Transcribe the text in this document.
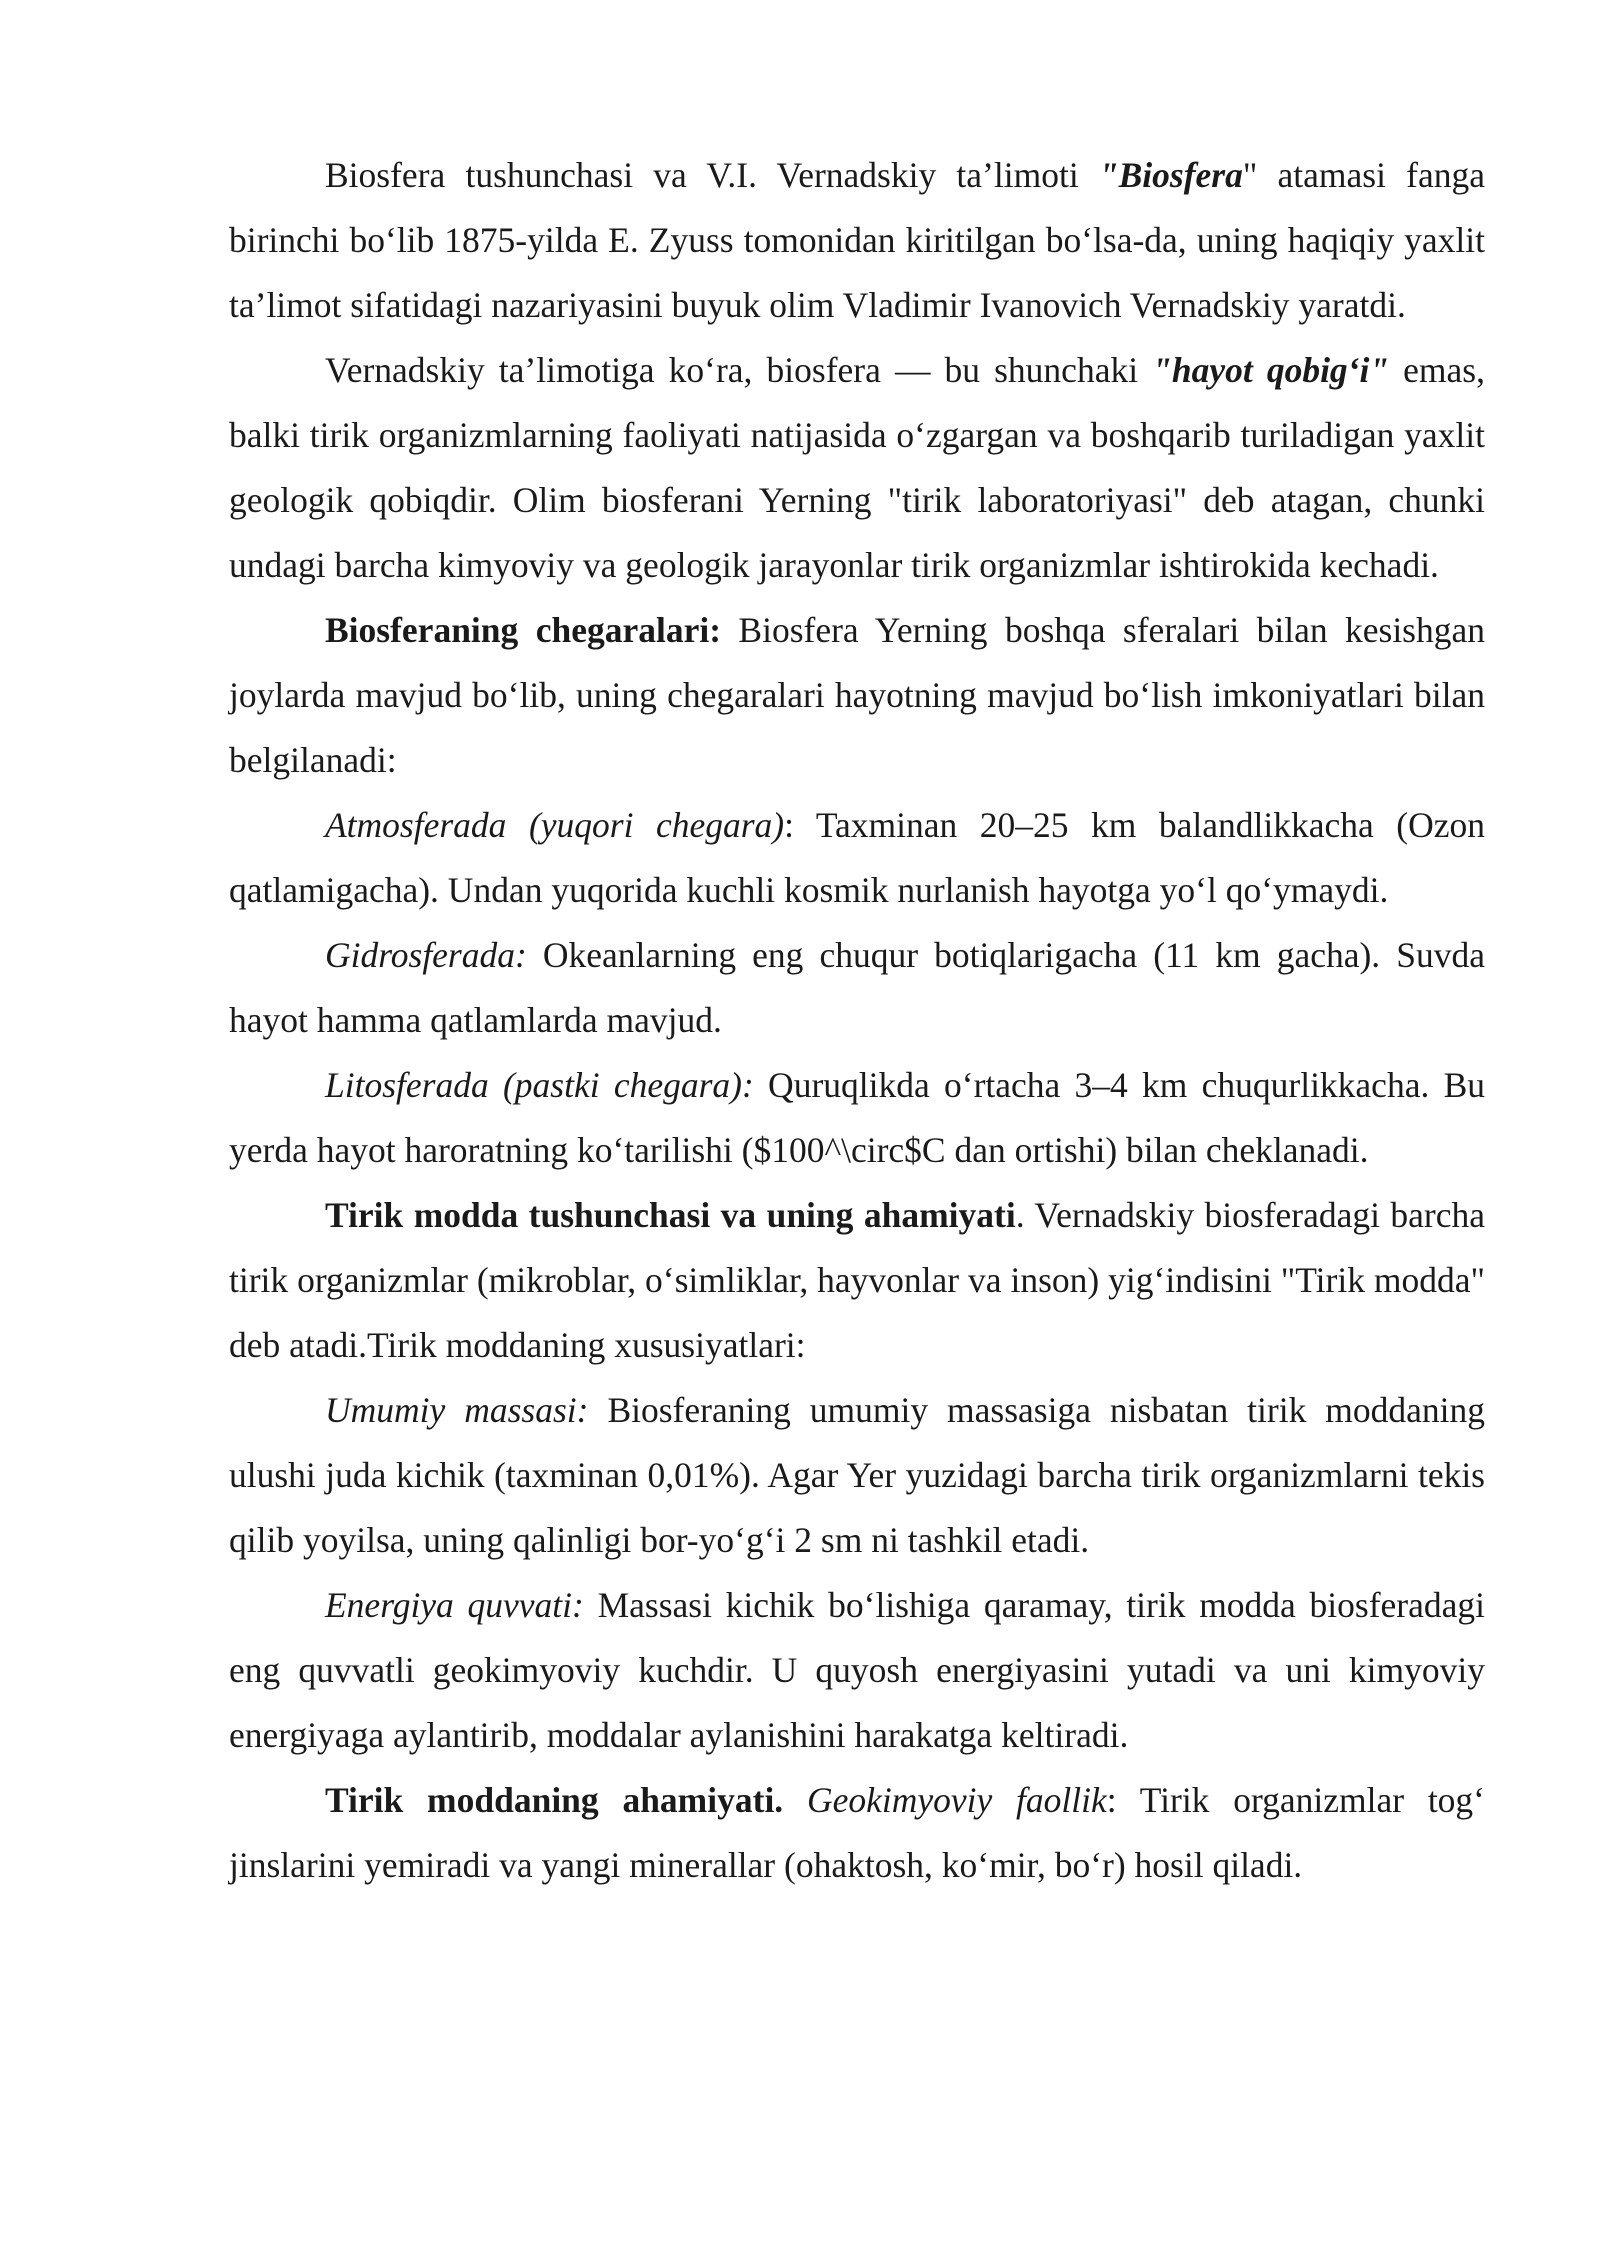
Biosfera tushunchasi va V.I. Vernadskiy ta’limoti "Biosfera" atamasi fanga birinchi bo‘lib 1875-yilda E. Zyuss tomonidan kiritilgan bo‘lsa-da, uning haqiqiy yaxlit ta’limot sifatidagi nazariyasini buyuk olim Vladimir Ivanovich Vernadskiy yaratdi.

Vernadskiy ta’limotiga ko‘ra, biosfera — bu shunchaki "hayot qobig‘i" emas, balki tirik organizmlarning faoliyati natijasida o‘zgargan va boshqarib turiladigan yaxlit geologik qobiqdir. Olim biosferani Yerning "tirik laboratoriyasi" deb atagan, chunki undagi barcha kimyoviy va geologik jarayonlar tirik organizmlar ishtirokida kechadi.

Biosferaning chegaralari: Biosfera Yerning boshqa sferalari bilan kesishgan joylarda mavjud bo‘lib, uning chegaralari hayotning mavjud bo‘lish imkoniyatlari bilan belgilanadi:

Atmosferada (yuqori chegara): Taxminan 20–25 km balandlikkacha (Ozon qatlamigacha). Undan yuqorida kuchli kosmik nurlanish hayotga yo‘l qo‘ymaydi.

Gidrosferada: Okeanlarning eng chuqur botiqlarigacha (11 km gacha). Suvda hayot hamma qatlamlarda mavjud.

Litosferada (pastki chegara): Quruqlikda o‘rtacha 3–4 km chuqurlikkacha. Bu yerda hayot haroratning ko‘tarilishi ($100^\circ$C dan ortishi) bilan cheklanadi.

Tirik modda tushunchasi va uning ahamiyati. Vernadskiy biosferadagi barcha tirik organizmlar (mikroblar, o‘simliklar, hayvonlar va inson) yig‘indisini "Tirik modda" deb atadi.Tirik moddaning xususiyatlari:

Umumiy massasi: Biosferaning umumiy massasiga nisbatan tirik moddaning ulushi juda kichik (taxminan 0,01%). Agar Yer yuzidagi barcha tirik organizmlarni tekis qilib yoyilsa, uning qalinligi bor-yo‘g‘i 2 sm ni tashkil etadi.

Energiya quvvati: Massasi kichik bo‘lishiga qaramay, tirik modda biosferadagi eng quvvatli geokimyoviy kuchdir. U quyosh energiyasini yutadi va uni kimyoviy energiyaga aylantirib, moddalar aylanishini harakatga keltiradi.

Tirik moddaning ahamiyati. Geokimyoviy faollik: Tirik organizmlar tog‘ jinslarini yemiradi va yangi minerallar (ohaktosh, ko‘mir, bo‘r) hosil qiladi.
